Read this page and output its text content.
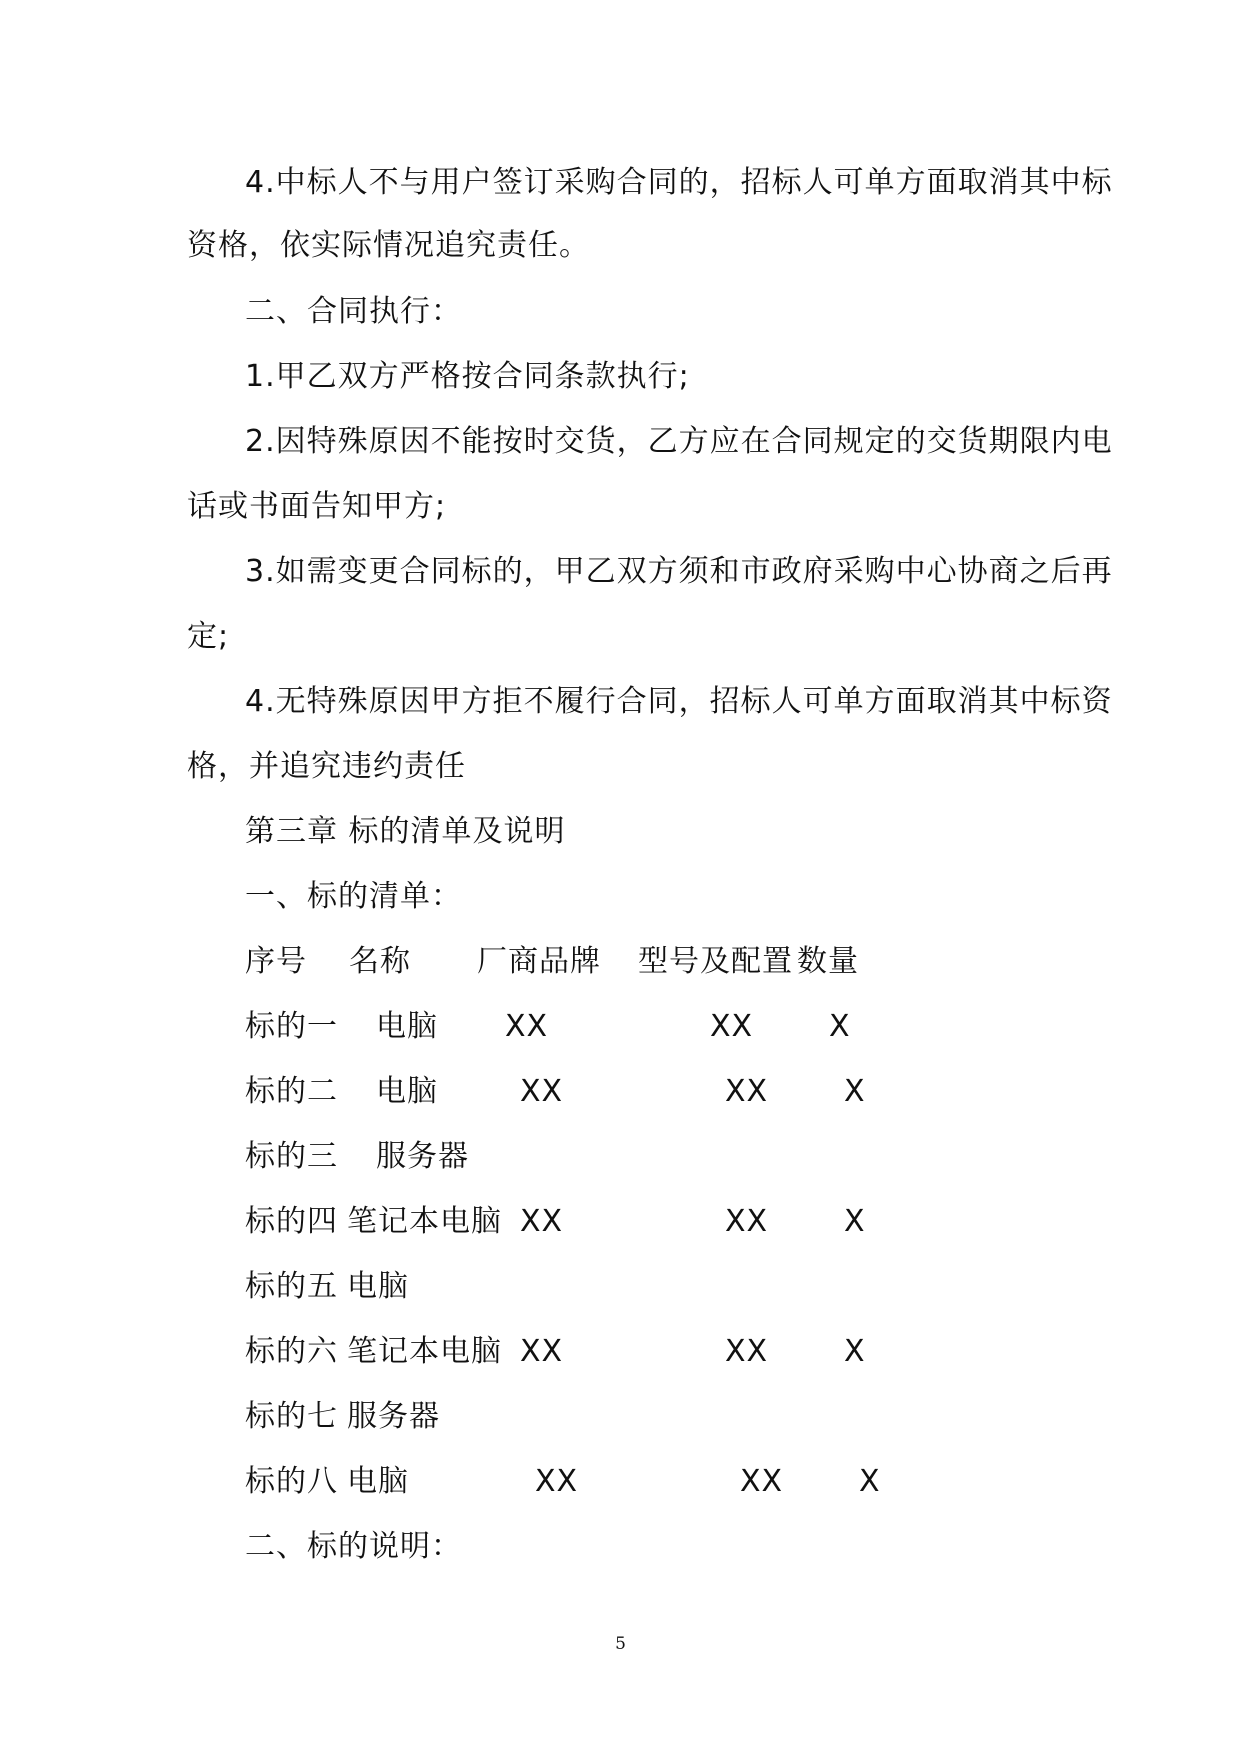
4.中标人不与用户签订采购合同的，招标人可单方面取消其中标
资格，依实际情况追究责任。
二、合同执行：
1.甲乙双方严格按合同条款执行;
2.因特殊原因不能按时交货，乙方应在合同规定的交货期限内电
话或书面告知甲方;
3.如需变更合同标的，甲乙双方须和市政府采购中心协商之后再
定;
4.无特殊原因甲方拒不履行合同，招标人可单方面取消其中标资
格，并追究违约责任
第三章 标的清单及说明
一、标的清单：
序号 名称 厂商品牌 型号及配置 数量
标的一 电脑 XX	XX	X
标的二 电脑	XX	XX	X
标的三 服务器
标的四 笔记本电脑 XX	XX	X
标的五 电脑
标的六 笔记本电脑 XX	XX	X
标的七 服务器
标的八 电脑	XX	XX	X
二、标的说明：
5
